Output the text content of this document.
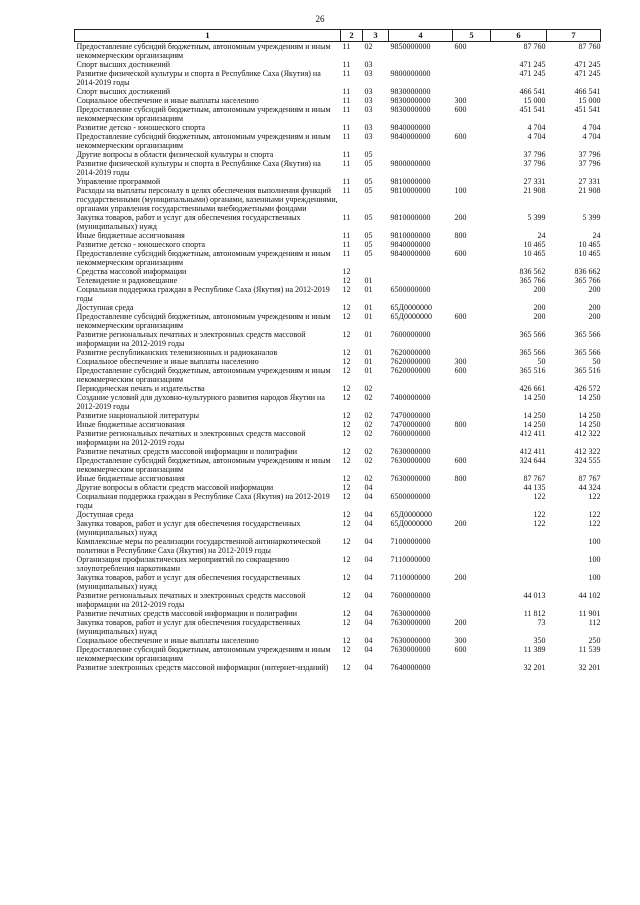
26
1	2	3	4	5	6	7
Предоставление субсидий бюджетным, автономным учреждениям и иным некоммерческим организациям	11	02	9850000000	600	87 760	87 760
Спорт высших достижений	11	03			471 245	471 245
Развитие физической культуры и спорта в Республике Саха (Якутия) на 2014-2019 годы	11	03	9800000000		471 245	471 245
Спорт высших достижений	11	03	9830000000		466 541	466 541
Социальное обеспечение и иные выплаты населению	11	03	9830000000	300	15 000	15 000
Предоставление субсидий бюджетным, автономным учреждениям и иным некоммерческим организациям	11	03	9830000000	600	451 541	451 541
Развитие детско - юношеского спорта	11	03	9840000000		4 704	4 704
Предоставление субсидий бюджетным, автономным учреждениям и иным некоммерческим организациям	11	03	9840000000	600	4 704	4 704
Другие вопросы в области физической культуры и спорта	11	05			37 796	37 796
Развитие физической культуры и спорта в Республике Саха (Якутия) на 2014-2019 годы	11	05	9800000000		37 796	37 796
Управление программой	11	05	9810000000		27 331	27 331
Расходы на выплаты персоналу в целях обеспечения выполнения функций государственными (муниципальными) органами, казенными учреждениями, органами управления государственными внебюджетными фондами	11	05	9810000000	100	21 908	21 908
Закупка товаров, работ и услуг для обеспечения государственных (муниципальных) нужд	11	05	9810000000	200	5 399	5 399
Иные бюджетные ассигнования	11	05	9810000000	800	24	24
Развитие детско - юношеского спорта	11	05	9840000000		10 465	10 465
Предоставление субсидий бюджетным, автономным учреждениям и иным некоммерческим организациям	11	05	9840000000	600	10 465	10 465
Средства массовой информации	12				836 562	836 662
Телевидение и радиовещание	12	01			365 766	365 766
Социальная поддержка граждан в Республике Саха (Якутия) на 2012-2019 годы	12	01	6500000000		200	200
Доступная среда	12	01	65Д0000000		200	200
Предоставление субсидий бюджетным, автономным учреждениям и иным некоммерческим организациям	12	01	65Д0000000	600	200	200
Развитие региональных печатных и электронных средств массовой информации на 2012-2019 годы	12	01	7600000000		365 566	365 566
Развитие республиканских телевизионных и радиоканалов	12	01	7620000000		365 566	365 566
Социальное обеспечение и иные выплаты населению	12	01	7620000000	300	50	50
Предоставление субсидий бюджетным, автономным учреждениям и иным некоммерческим организациям	12	01	7620000000	600	365 516	365 516
Периодическая печать и издательства	12	02			426 661	426 572
Создание условий для духовно-культурного развития народов Якутии на 2012-2019 годы	12	02	7400000000		14 250	14 250
Развитие национальной литературы	12	02	7470000000		14 250	14 250
Иные бюджетные ассигнования	12	02	7470000000	800	14 250	14 250
Развитие региональных печатных и электронных средств массовой информации на 2012-2019 годы	12	02	7600000000		412 411	412 322
Развитие печатных средств массовой информации и полиграфии	12	02	7630000000		412 411	412 322
Предоставление субсидий бюджетным, автономным учреждениям и иным некоммерческим организациям	12	02	7630000000	600	324 644	324 555
Иные бюджетные ассигнования	12	02	7630000000	800	87 767	87 767
Другие вопросы в области средств массовой информации	12	04			44 135	44 324
Социальная поддержка граждан в Республике Саха (Якутия) на 2012-2019 годы	12	04	6500000000		122	122
Доступная среда	12	04	65Д0000000		122	122
Закупка товаров, работ и услуг для обеспечения государственных (муниципальных) нужд	12	04	65Д0000000	200	122	122
Комплексные меры по реализации государственной антинаркотической политики в Республике Саха (Якутия) на 2012-2019 годы	12	04	7100000000			100
Организация профилактических мероприятий по сокращению злоупотребления наркотиками	12	04	7110000000			100
Закупка товаров, работ и услуг для обеспечения государственных (муниципальных) нужд	12	04	7110000000	200		100
Развитие региональных печатных и электронных средств массовой информации на 2012-2019 годы	12	04	7600000000		44 013	44 102
Развитие печатных средств массовой информации и полиграфии	12	04	7630000000		11 812	11 901
Закупка товаров, работ и услуг для обеспечения государственных (муниципальных) нужд	12	04	7630000000	200	73	112
Социальное обеспечение и иные выплаты населению	12	04	7630000000	300	350	250
Предоставление субсидий бюджетным, автономным учреждениям и иным некоммерческим организациям	12	04	7630000000	600	11 389	11 539
Развитие электронных средств массовой информации (интернет-изданий)	12	04	7640000000		32 201	32 201
